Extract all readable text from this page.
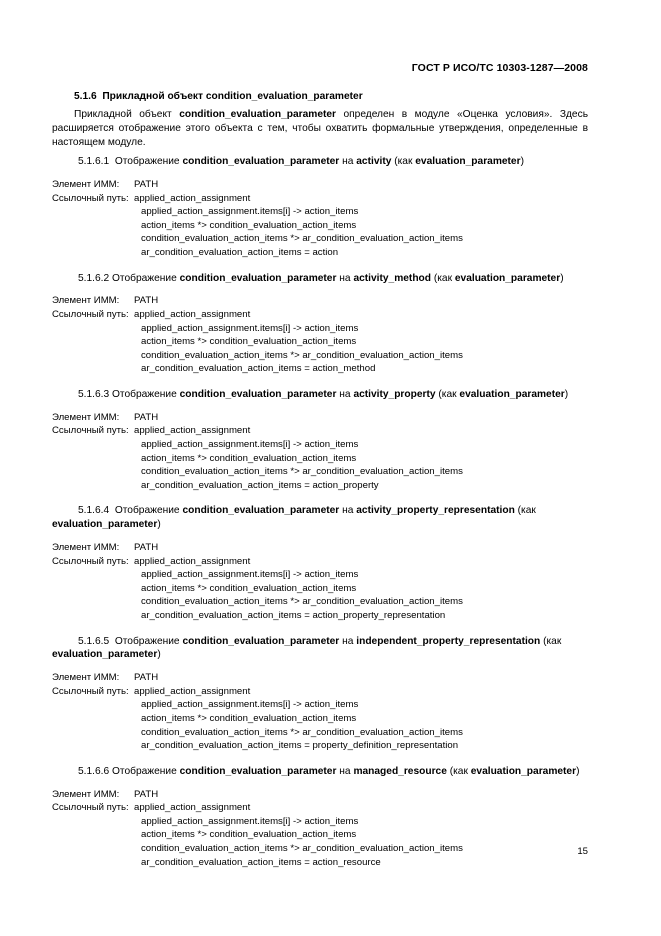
ГОСТ Р ИСО/ТС 10303-1287—2008
5.1.6 Прикладной объект condition_evaluation_parameter
Прикладной объект condition_evaluation_parameter определен в модуле «Оценка условия». Здесь расширяется отображение этого объекта с тем, чтобы охватить формальные утверждения, определенные в настоящем модуле.
5.1.6.1 Отображение condition_evaluation_parameter на activity (как evaluation_parameter)
Элемент ИММ:	PATH
Ссылочный путь: applied_action_assignment
applied_action_assignment.items[i] -> action_items
action_items *> condition_evaluation_action_items
condition_evaluation_action_items *> ar_condition_evaluation_action_items
ar_condition_evaluation_action_items = action
5.1.6.2 Отображение condition_evaluation_parameter на activity_method (как evaluation_parameter)
Элемент ИММ:	PATH
Ссылочный путь: applied_action_assignment
applied_action_assignment.items[i] -> action_items
action_items *> condition_evaluation_action_items
condition_evaluation_action_items *> ar_condition_evaluation_action_items
ar_condition_evaluation_action_items = action_method
5.1.6.3 Отображение condition_evaluation_parameter на activity_property (как evaluation_parameter)
Элемент ИММ:	PATH
Ссылочный путь: applied_action_assignment
applied_action_assignment.items[i] -> action_items
action_items *> condition_evaluation_action_items
condition_evaluation_action_items *> ar_condition_evaluation_action_items
ar_condition_evaluation_action_items = action_property
5.1.6.4 Отображение condition_evaluation_parameter на activity_property_representation (как evaluation_parameter)
Элемент ИММ:	PATH
Ссылочный путь: applied_action_assignment
applied_action_assignment.items[i] -> action_items
action_items *> condition_evaluation_action_items
condition_evaluation_action_items *> ar_condition_evaluation_action_items
ar_condition_evaluation_action_items = action_property_representation
5.1.6.5 Отображение condition_evaluation_parameter на independent_property_representation (как evaluation_parameter)
Элемент ИММ:	PATH
Ссылочный путь: applied_action_assignment
applied_action_assignment.items[i] -> action_items
action_items *> condition_evaluation_action_items
condition_evaluation_action_items *> ar_condition_evaluation_action_items
ar_condition_evaluation_action_items = property_definition_representation
5.1.6.6 Отображение condition_evaluation_parameter на managed_resource (как evaluation_parameter)
Элемент ИММ:	PATH
Ссылочный путь: applied_action_assignment
applied_action_assignment.items[i] -> action_items
action_items *> condition_evaluation_action_items
condition_evaluation_action_items *> ar_condition_evaluation_action_items
ar_condition_evaluation_action_items = action_resource
15
